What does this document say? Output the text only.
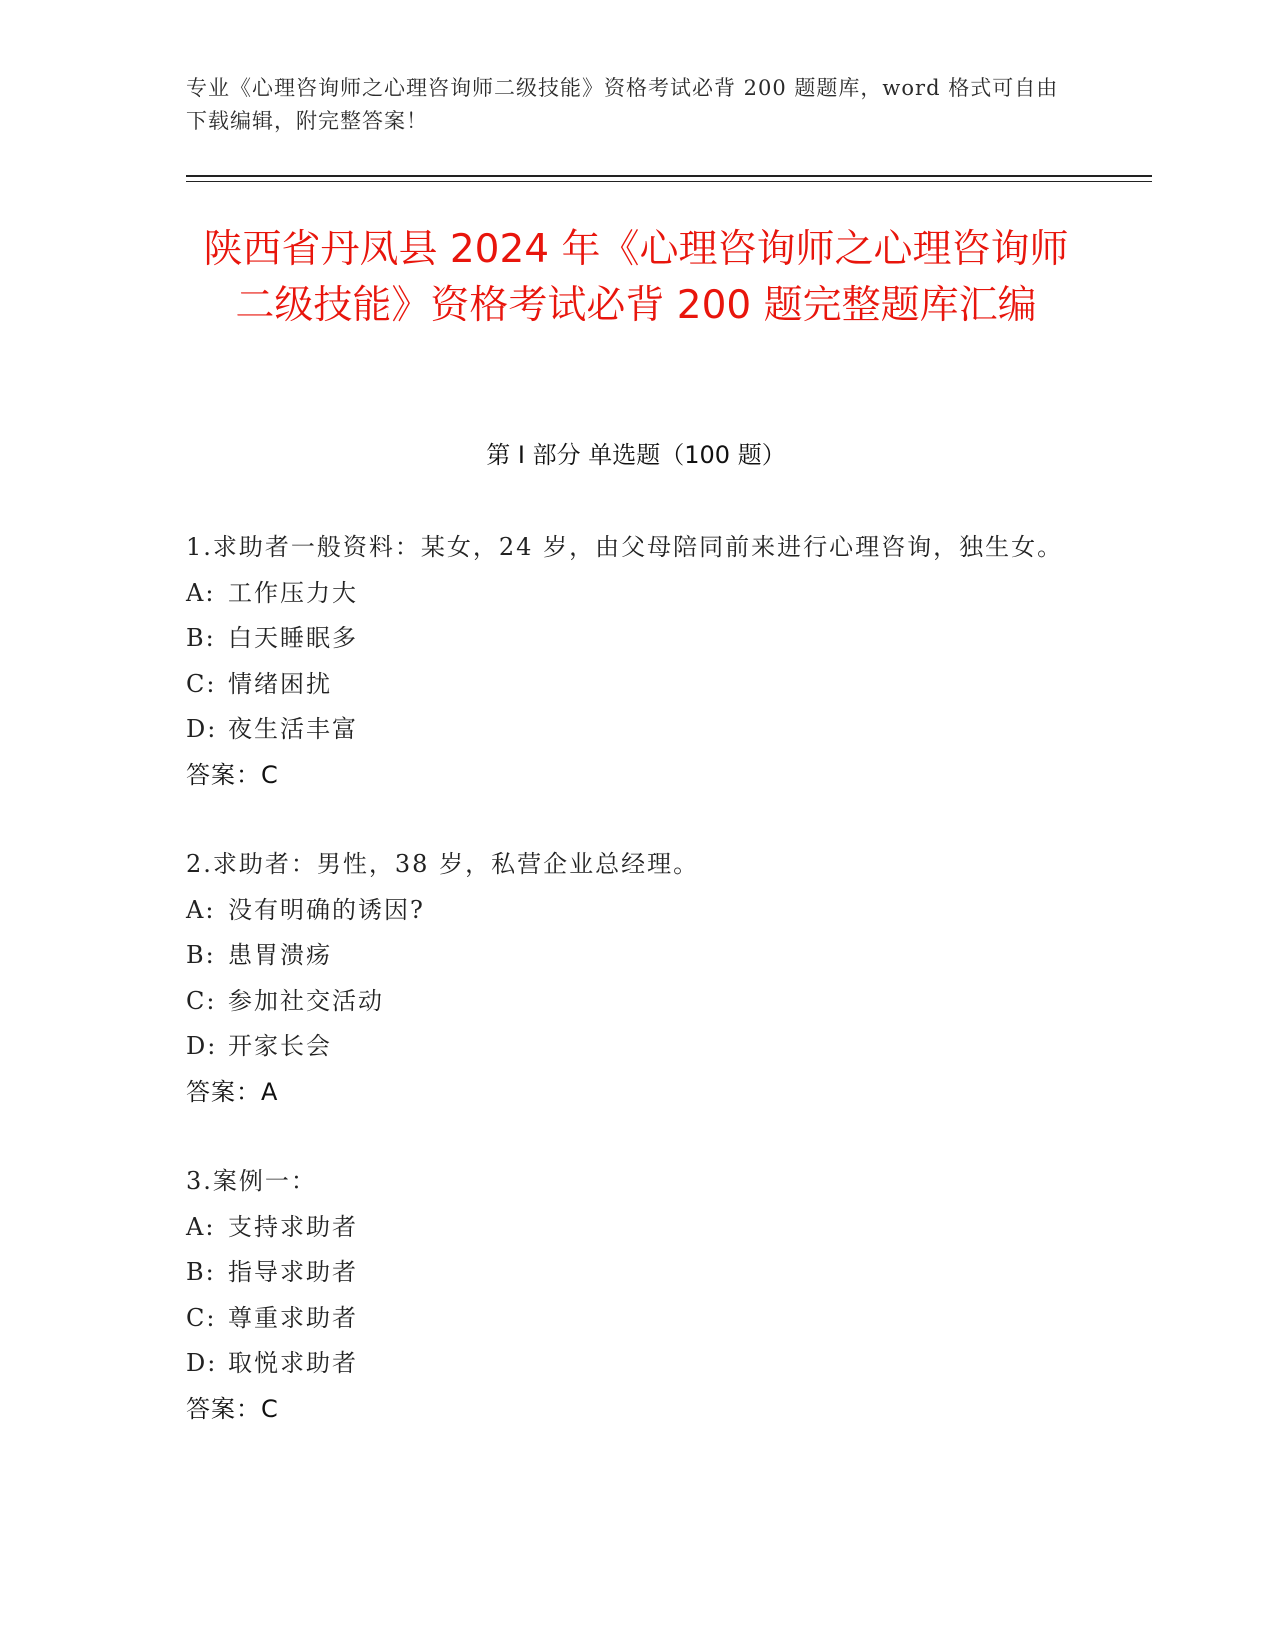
专业《心理咨询师之心理咨询师二级技能》资格考试必背 200 题题库，word 格式可自由下载编辑，附完整答案！
陕西省丹凤县 2024 年《心理咨询师之心理咨询师二级技能》资格考试必背 200 题完整题库汇编
第 I 部分 单选题（100 题）
1.求助者一般资料：某女，24 岁，由父母陪同前来进行心理咨询，独生女。
A: 工作压力大
B: 白天睡眠多
C: 情绪困扰
D: 夜生活丰富
答案：C
2.求助者：男性，38 岁，私营企业总经理。
A: 没有明确的诱因?
B: 患胃溃疡
C: 参加社交活动
D: 开家长会
答案：A
3.案例一：
A: 支持求助者
B: 指导求助者
C: 尊重求助者
D: 取悦求助者
答案：C
